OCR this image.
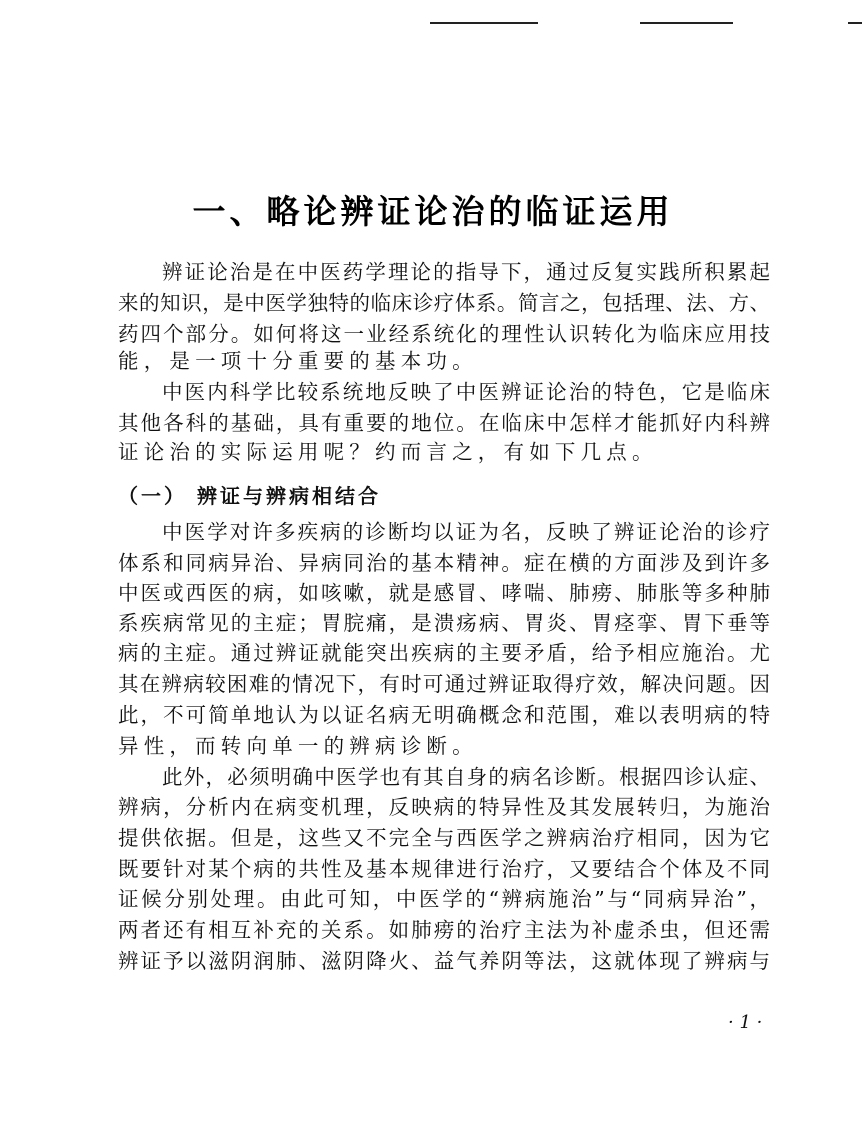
一、略论辨证论治的临证运用
辨证论治是在中医药学理论的指导下，通过反复实践所积累起
来的知识，是中医学独特的临床诊疗体系。简言之，包括理、法、方、
药四个部分。如何将这一业经系统化的理性认识转化为临床应用技
能，是一项十分重要的基本功。
中医内科学比较系统地反映了中医辨证论治的特色，它是临床
其他各科的基础，具有重要的地位。在临床中怎样才能抓好内科辨
证论治的实际运用呢？约而言之，有如下几点。
中医学对许多疾病的诊断均以证为名，反映了辨证论治的诊疗
体系和同病异治、异病同治的基本精神。症在横的方面涉及到许多
中医或西医的病，如咳嗽，就是感冒、哮喘、肺痨、肺胀等多种肺
系疾病常见的主症；胃脘痛，是溃疡病、胃炎、胃痉挛、胃下垂等
病的主症。通过辨证就能突出疾病的主要矛盾，给予相应施治。尤
其在辨病较困难的情况下，有时可通过辨证取得疗效，解决问题。因
此，不可简单地认为以证名病无明确概念和范围，难以表明病的特
异性，而转向单一的辨病诊断。
此外，必须明确中医学也有其自身的病名诊断。根据四诊认症、
辨病，分析内在病变机理，反映病的特异性及其发展转归，为施治
提供依据。但是，这些又不完全与西医学之辨病治疗相同，因为它
既要针对某个病的共性及基本规律进行治疗，又要结合个体及不同
证候分别处理。由此可知，中医学的“辨病施治”与“同病异治”，
两者还有相互补充的关系。如肺痨的治疗主法为补虚杀虫，但还需
辨证予以滋阴润肺、滋阴降火、益气养阴等法，这就体现了辨病与
（一） 辨证与辨病相结合
· 1 ·
